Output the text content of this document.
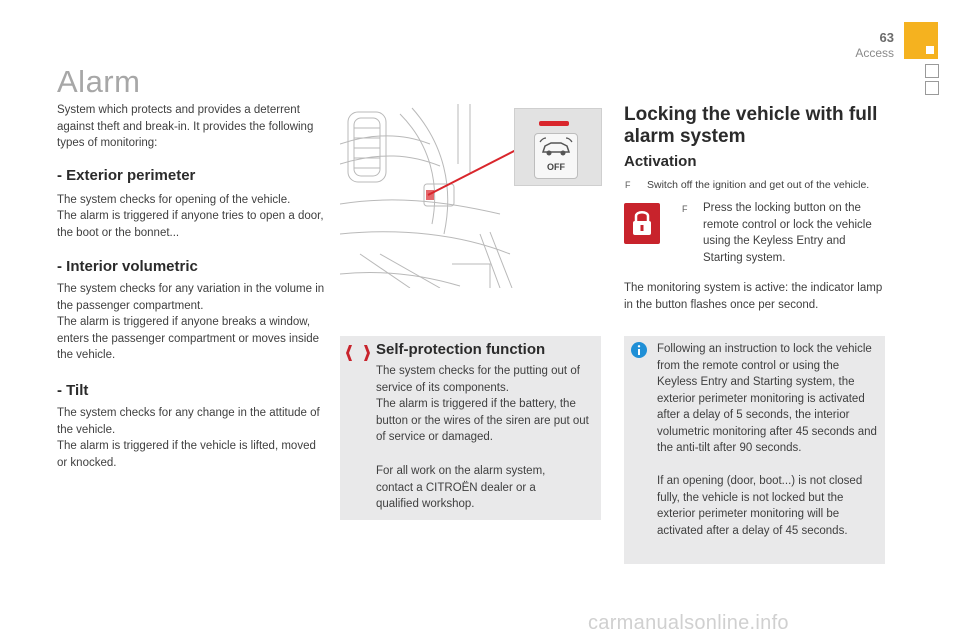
63
Access
Alarm

System which protects and provides a deterrent against theft and break-in. It provides the following types of monitoring:

- Exterior perimeter

The system checks for opening of the vehicle.

The alarm is triggered if anyone tries to open a door, the boot or the bonnet...

- Interior volumetric

The system checks for any variation in the volume in the passenger compartment.

The alarm is triggered if anyone breaks a window, enters the passenger compartment or moves inside the vehicle.

- Tilt

The system checks for any change in the attitude of the vehicle.

The alarm is triggered if the vehicle is lifted, moved or knocked.

OFF
Self-protection function

The system checks for the putting out of service of its components.

The alarm is triggered if the battery, the button or the wires of the siren are put out of service or damaged.

For all work on the alarm system, contact a CITROËN dealer or a qualified workshop.

Locking the vehicle with full alarm system
Activation
F Switch off the ignition and get out of the vehicle.

F Press the locking button on the remote control or lock the vehicle using the Keyless Entry and Starting system.

The monitoring system is active: the indicator lamp in the button flashes once per second.

Following an instruction to lock the vehicle from the remote control or using the Keyless Entry and Starting system, the exterior perimeter monitoring is activated after a delay of 5 seconds, the interior volumetric monitoring after 45 seconds and the anti-tilt after 90 seconds.

If an opening (door, boot...) is not closed fully, the vehicle is not locked but the exterior perimeter monitoring will be activated after a delay of 45 seconds.

carmanualsonline.info
